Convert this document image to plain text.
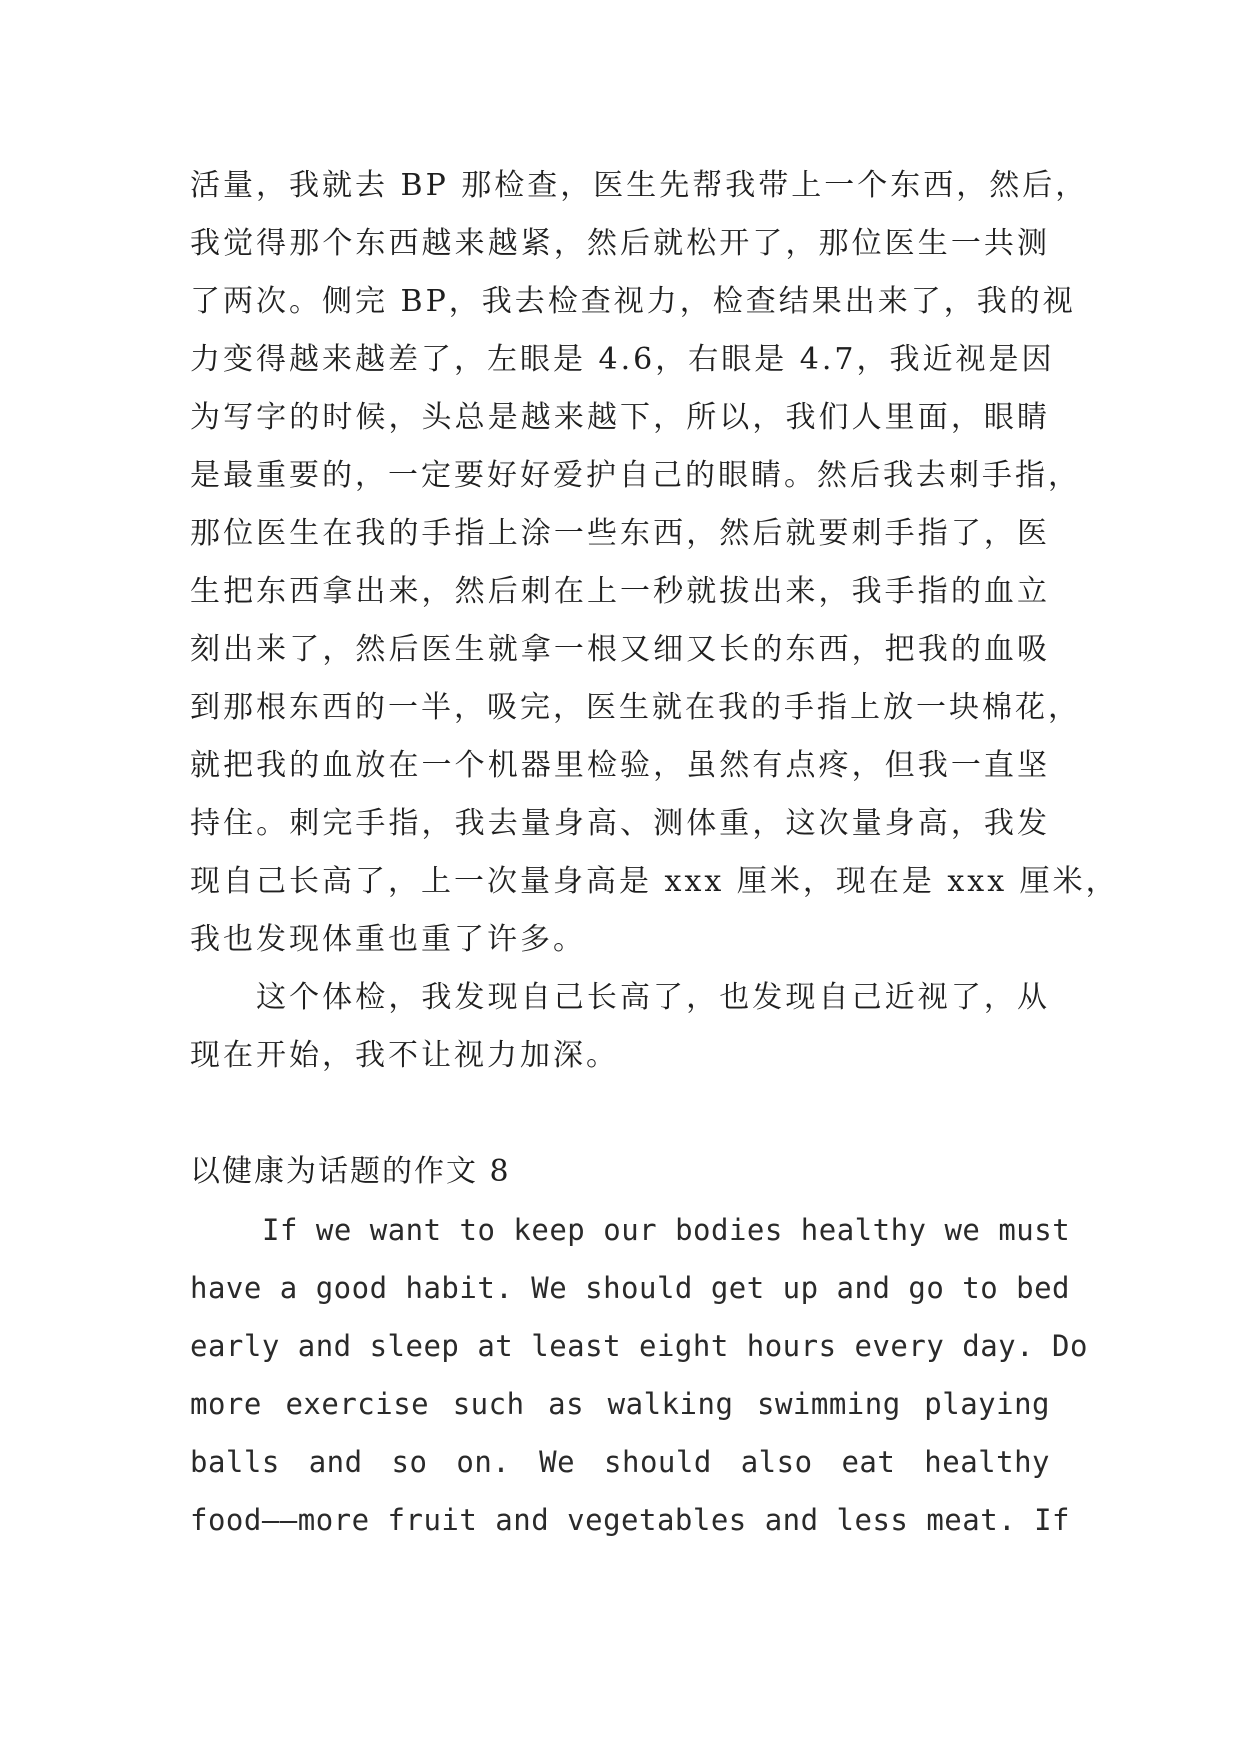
活量，我就去 BP 那检查，医生先帮我带上一个东西，然后，
我觉得那个东西越来越紧，然后就松开了，那位医生一共测
了两次。侧完 BP，我去检查视力，检查结果出来了，我的视
力变得越来越差了，左眼是 4.6，右眼是 4.7，我近视是因
为写字的时候，头总是越来越下，所以，我们人里面，眼睛
是最重要的，一定要好好爱护自己的眼睛。然后我去刺手指，
那位医生在我的手指上涂一些东西，然后就要刺手指了，医
生把东西拿出来，然后刺在上一秒就拔出来，我手指的血立
刻出来了，然后医生就拿一根又细又长的东西，把我的血吸
到那根东西的一半，吸完，医生就在我的手指上放一块棉花，
就把我的血放在一个机器里检验，虽然有点疼，但我一直坚
持住。刺完手指，我去量身高、测体重，这次量身高，我发
现自己长高了，上一次量身高是 xxx 厘米，现在是 xxx 厘米，
我也发现体重也重了许多。
这个体检，我发现自己长高了，也发现自己近视了，从
现在开始，我不让视力加深。
以健康为话题的作文 8
If we want to keep our bodies healthy we must
have a good habit. We should get up and go to bed
early and sleep at least eight hours every day. Do
more exercise such as walking swimming playing
balls and so on. We should also eat healthy
food——more fruit and vegetables and less meat. If
